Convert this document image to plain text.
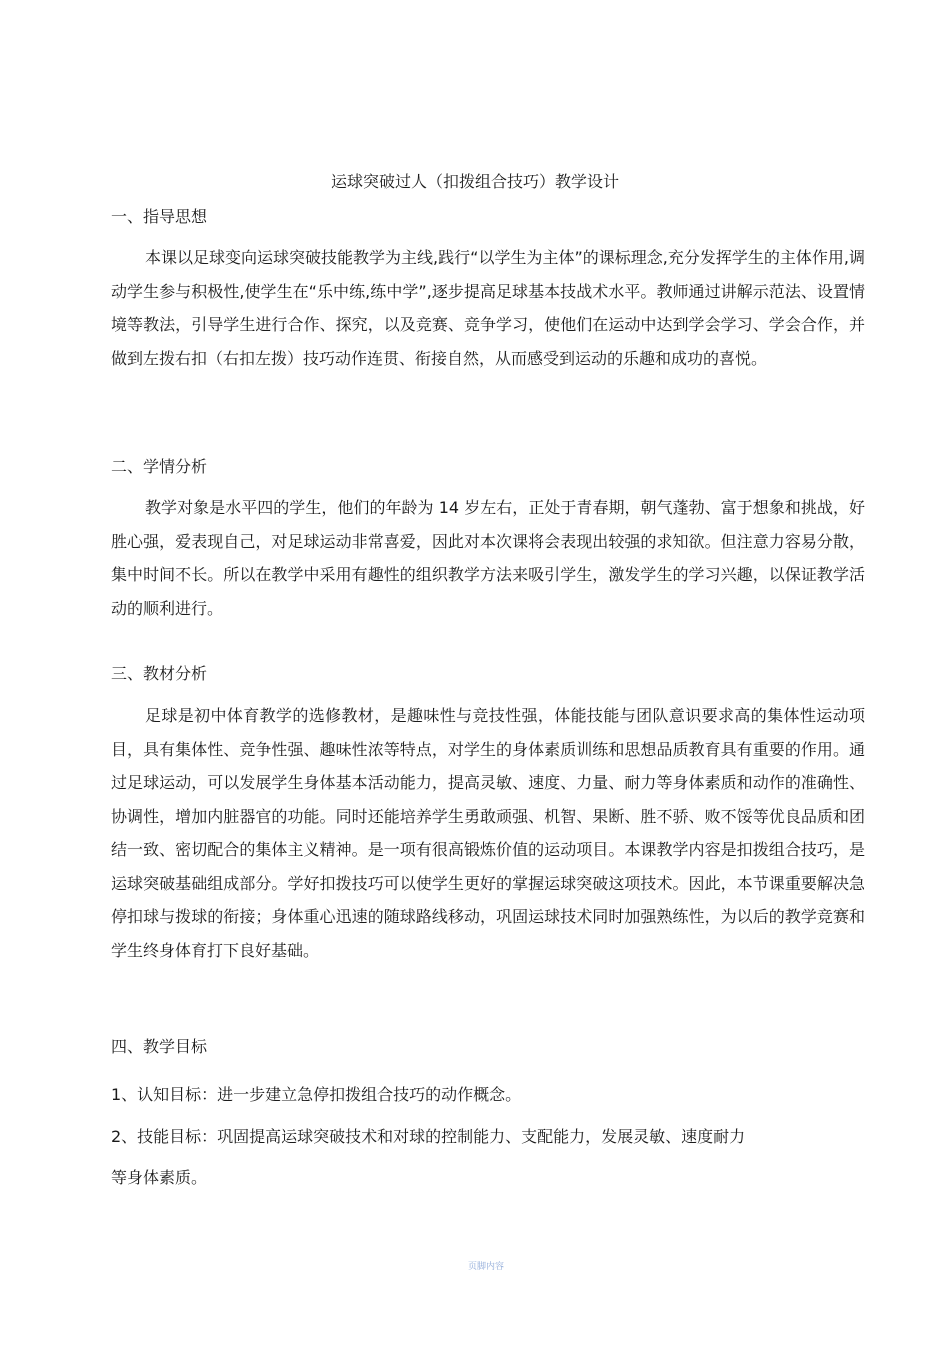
运球突破过人（扣拨组合技巧）教学设计
一、指导思想

本课以足球变向运球突破技能教学为主线,践行“以学生为主体”的课标理念,充分发挥学生的主体作用,调动学生参与积极性,使学生在“乐中练,练中学”,逐步提高足球基本技战术水平。教师通过讲解示范法、设置情境等教法，引导学生进行合作、探究，以及竞赛、竞争学习，使他们在运动中达到学会学习、学会合作，并做到左拨右扣（右扣左拨）技巧动作连贯、衔接自然，从而感受到运动的乐趣和成功的喜悦。

二、学情分析

教学对象是水平四的学生，他们的年龄为 14 岁左右，正处于青春期，朝气蓬勃、富于想象和挑战，好胜心强，爱表现自己，对足球运动非常喜爱，因此对本次课将会表现出较强的求知欲。但注意力容易分散，集中时间不长。所以在教学中采用有趣性的组织教学方法来吸引学生，激发学生的学习兴趣，以保证教学活动的顺利进行。

三、教材分析

足球是初中体育教学的选修教材，是趣味性与竞技性强，体能技能与团队意识要求高的集体性运动项目，具有集体性、竞争性强、趣味性浓等特点，对学生的身体素质训练和思想品质教育具有重要的作用。通过足球运动，可以发展学生身体基本活动能力，提高灵敏、速度、力量、耐力等身体素质和动作的准确性、协调性，增加内脏器官的功能。同时还能培养学生勇敢顽强、机智、果断、胜不骄、败不馁等优良品质和团结一致、密切配合的集体主义精神。是一项有很高锻炼价值的运动项目。本课教学内容是扣拨组合技巧，是运球突破基础组成部分。学好扣拨技巧可以使学生更好的掌握运球突破这项技术。因此，本节课重要解决急停扣球与拨球的衔接；身体重心迅速的随球路线移动，巩固运球技术同时加强熟练性，为以后的教学竞赛和学生终身体育打下良好基础。

四、教学目标
1、认知目标：进一步建立急停扣拨组合技巧的动作概念。
2、技能目标：巩固提高运球突破技术和对球的控制能力、支配能力，发展灵敏、速度耐力
等身体素质。
页脚内容
